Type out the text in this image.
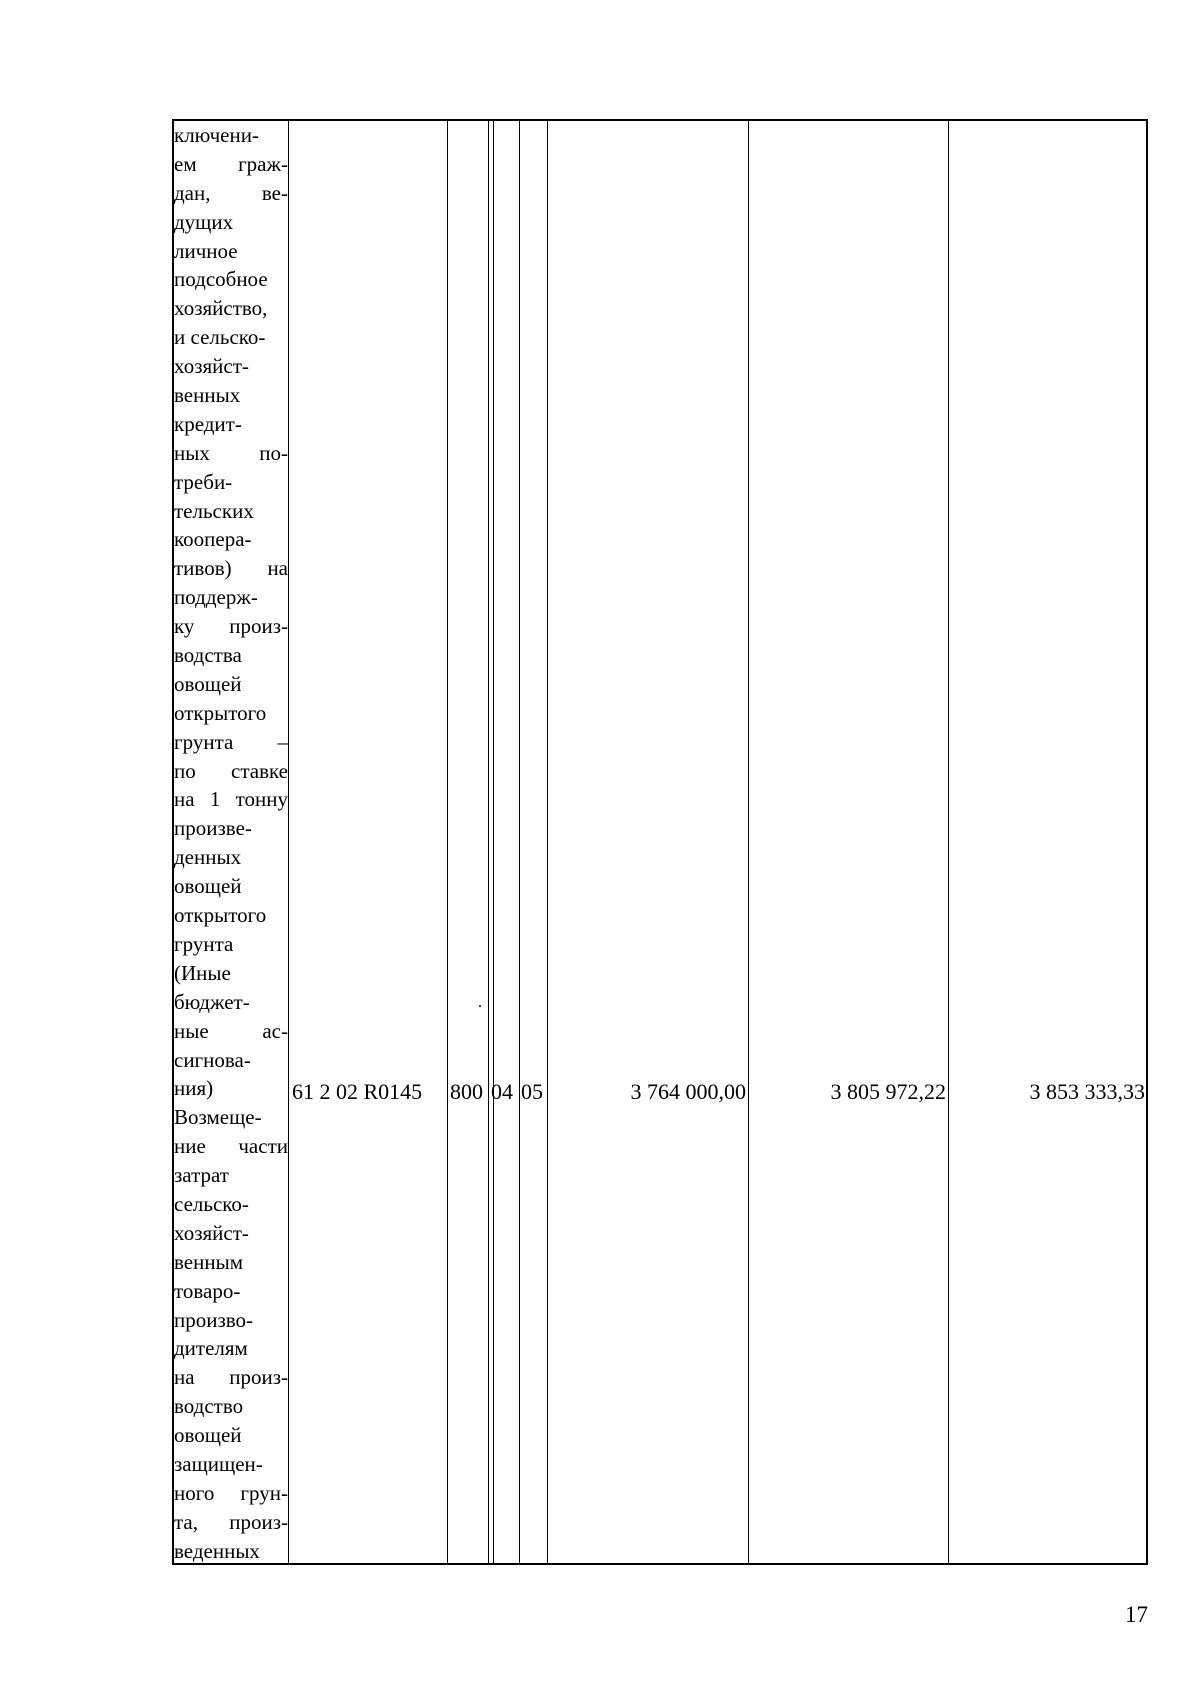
ключени-
ем граж-
дан, ве-
дущих
личное
подсобное
хозяйство,
и сельско-
хозяйст-
венных
кредит-
ных по-
треби-
тельских
коопера-
тивов) на
поддерж-
ку произ-
водства
овощей
открытого
грунта –
по ставке
на 1 тонну
произве-
денных
овощей
открытого
грунта
(Иные
бюджет-
ные ас-
сигнова-
ния)
Возмеще-
ние части
затрат
сельско-
хозяйст-
венным
товаро-
произво-
дителям
на произ-
водство
овощей
защищен-
ного грун-
та, произ-
веденных
61 2 02 R0145 800 04 05	3 764 000,00	3 805 972,22	3 853 333,33
17
